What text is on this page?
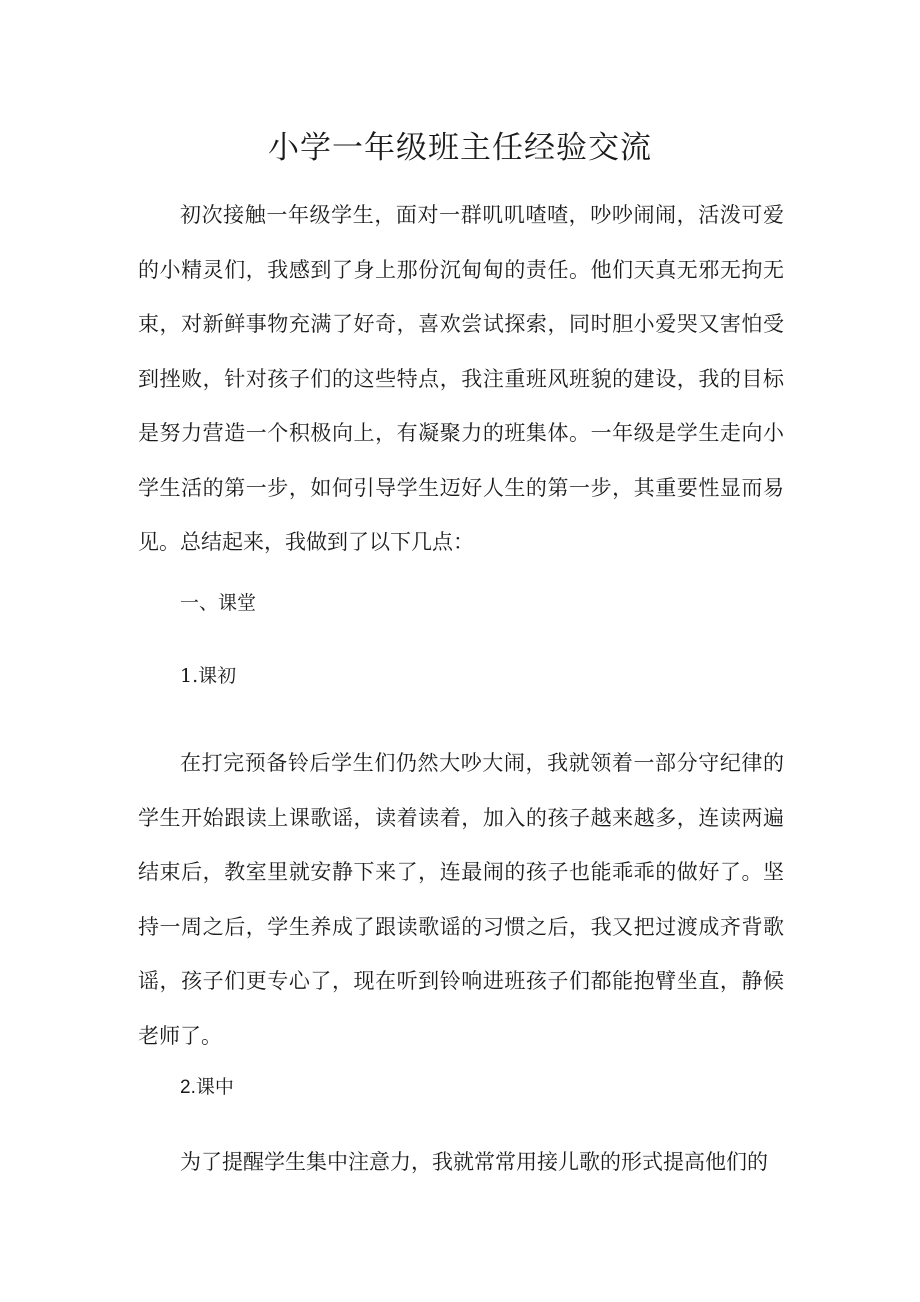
小学一年级班主任经验交流

初次接触一年级学生，面对一群叽叽喳喳，吵吵闹闹，活泼可爱的小精灵们，我感到了身上那份沉甸甸的责任。他们天真无邪无拘无束，对新鲜事物充满了好奇，喜欢尝试探索，同时胆小爱哭又害怕受到挫败，针对孩子们的这些特点，我注重班风班貌的建设，我的目标是努力营造一个积极向上，有凝聚力的班集体。一年级是学生走向小学生活的第一步，如何引导学生迈好人生的第一步，其重要性显而易见。总结起来，我做到了以下几点：

一、课堂
1.课初

在打完预备铃后学生们仍然大吵大闹，我就领着一部分守纪律的学生开始跟读上课歌谣，读着读着，加入的孩子越来越多，连读两遍结束后，教室里就安静下来了，连最闹的孩子也能乖乖的做好了。坚持一周之后，学生养成了跟读歌谣的习惯之后，我又把过渡成齐背歌谣，孩子们更专心了，现在听到铃响进班孩子们都能抱臂坐直，静候老师了。

2.课中

为了提醒学生集中注意力，我就常常用接儿歌的形式提高他们的
